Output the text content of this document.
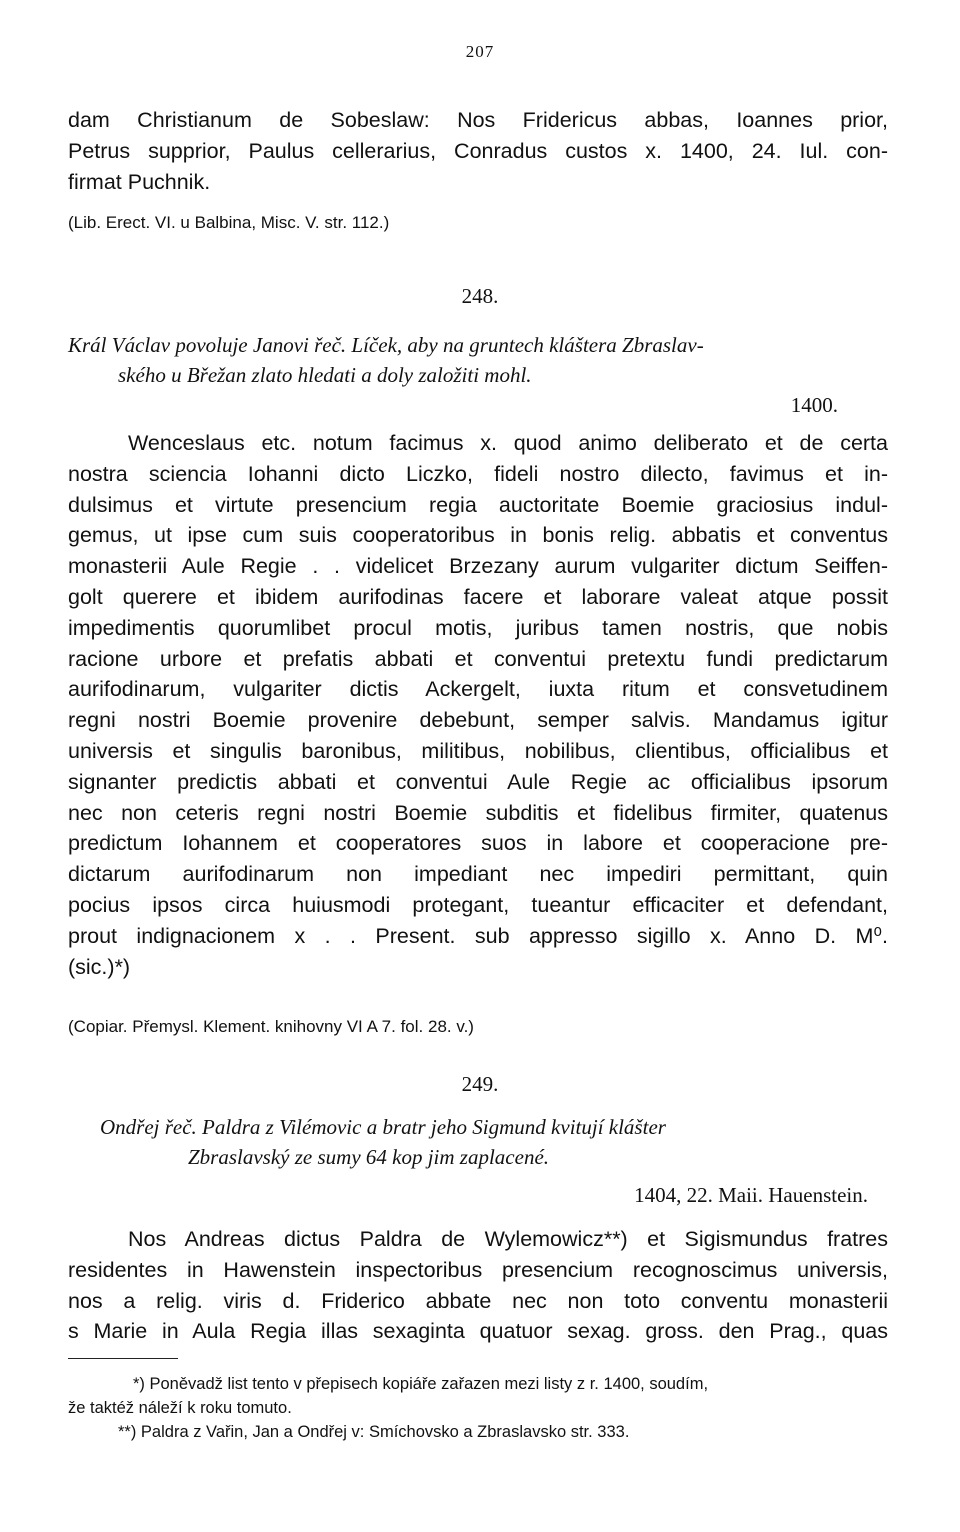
207

dam Christianum de Sobeslaw: Nos Fridericus abbas, Ioannes prior,
Petrus supprior, Paulus cellerarius, Conradus custos x. 1400, 24. Iul. con-
firmat Puchnik.

(Lib. Erect. VI. u Balbina, Misc. V. str. 112.)

248.

Král Václav povoluje Janovi řeč. Líček, aby na gruntech kláštera Zbraslav-
ského u Břežan zlato hledati a doly založiti mohl.

1400.

Wenceslaus etc. notum facimus x. quod animo deliberato et de certa
nostra sciencia Iohanni dicto Liczko, fideli nostro dilecto, favimus et in-
dulsimus et virtute presencium regia auctoritate Boemie graciosius indul-
gemus, ut ipse cum suis cooperatoribus in bonis relig. abbatis et conventus
monasterii Aule Regie . . videlicet Brzezany aurum vulgariter dictum Seiffen-
golt querere et ibidem aurifodinas facere et laborare valeat atque possit
impedimentis quorumlibet procul motis, juribus tamen nostris, que nobis
racione urbore et prefatis abbati et conventui pretextu fundi predictarum
aurifodinarum, vulgariter dictis Ackergelt, iuxta ritum et consvetudinem
regni nostri Boemie provenire debebunt, semper salvis. Mandamus igitur
universis et singulis baronibus, militibus, nobilibus, clientibus, officialibus et
signanter predictis abbati et conventui Aule Regie ac officialibus ipsorum
nec non ceteris regni nostri Boemie subditis et fidelibus firmiter, quatenus
predictum Iohannem et cooperatores suos in labore et cooperacione pre-
dictarum aurifodinarum non impediant nec impediri permittant, quin
pocius ipsos circa huiusmodi protegant, tueantur efficaciter et defendant,
prout indignacionem x . . Present. sub appresso sigillo x. Anno D. M⁰.
(sic.)*)

(Copiar. Přemysl. Klement. knihovny VI A 7. fol. 28. v.)

249.

Ondřej řeč. Paldra z Vilémovic a bratr jeho Sigmund kvitují klášter
Zbraslavský ze sumy 64 kop jim zaplacené.

1404, 22. Maii. Hauenstein.

Nos Andreas dictus Paldra de Wylemowicz**) et Sigismundus fratres
residentes in Hawenstein inspectoribus presencium recognoscimus universis,
nos a relig. viris d. Friderico abbate nec non toto conventu monasterii
s Marie in Aula Regia illas sexaginta quatuor sexag. gross. den Prag., quas

*) Poněvadž list tento v přepisech kopiáře zařazen mezi listy z r. 1400, soudím,

že taktéž náleží k roku tomuto.

**) Paldra z Vařin, Jan a Ondřej v: Smíchovsko a Zbraslavsko str. 333.
